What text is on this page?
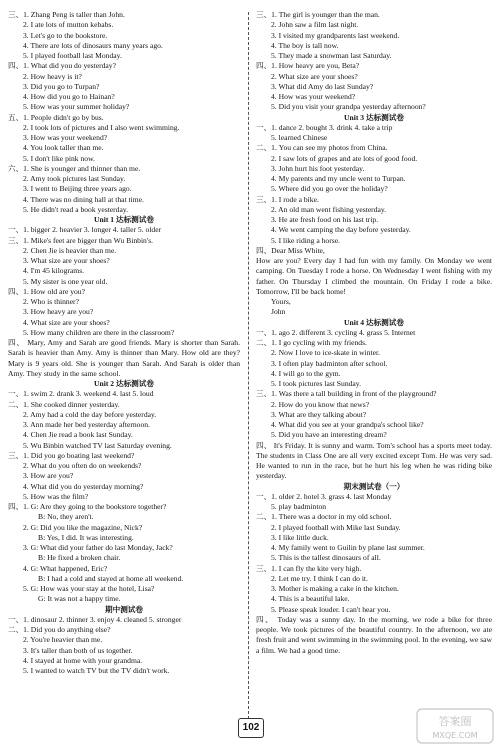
三、1. Zhang Peng is taller than John.
2. I ate lots of mutton kebabs.
3. Let's go to the bookstore.
4. There are lots of dinosaurs many years ago.
5. I played football last Monday.
四、1. What did you do yesterday?
2. How heavy is it?
3. Did you go to Turpan?
4. How did you go to Hainan?
5. How was your summer holiday?
五、1. People didn't go by bus.
2. I took lots of pictures and I also went swimming.
3. How was your weekend?
4. You look taller than me.
5. I don't like pink now.
六、1. She is younger and thinner than me.
2. Amy took pictures last Sunday.
3. I went to Beijing three years ago.
4. There was no dining hall at that time.
5. He didn't read a book yesterday.
Unit 1 达标测试卷
一、1. bigger 2. heavier 3. longer 4. taller 5. older
三、1. Mike's feet are bigger than Wu Binbin's.
2. Chen Jie is heavier than me.
3. What size are your shoes?
4. I'm 45 kilograms.
5. My sister is one year old.
四、1. How old are you?
2. Who is thinner?
3. How heavy are you?
4. What size are your shoes?
5. How many children are there in the classroom?
四、 Mary, Amy and Sarah are good friends. Mary is shorter than Sarah. Sarah is heavier than Amy. Amy is thinner than Mary. How old are they? Mary is 9 years old. She is younger than Sarah. And Sarah is older than Amy. They study in the same school.
Unit 2 达标测试卷
一、1. swim 2. drank 3. weekend 4. last 5. loud
二、1. She cooked dinner yesterday.
2. Amy had a cold the day before yesterday.
3. Ann made her bed yesterday afternoon.
4. Chen Jie read a book last Sunday.
5. Wu Binbin watched TV last Saturday evening.
三、1. Did you go boating last weekend?
2. What do you often do on weekends?
3. How are you?
4. What did you do yesterday morning?
5. How was the film?
四、1. G: Are they going to the bookstore together?
B: No, they aren't.
2. G: Did you like the magazine, Nick?
B: Yes, I did. It was interesting.
3. G: What did your father do last Monday, Jack?
B: He fixed a broken chair.
4. G: What happened, Eric?
B: I had a cold and stayed at home all weekend.
5. G: How was your stay at the hotel, Lisa?
G: It was not a happy time.
期中测试卷
一、1. dinosaur 2. thinner 3. enjoy 4. cleaned 5. stronger
二、1. Did you do anything else?
2. You're heavier than me.
3. It's taller than both of us together.
4. I stayed at home with your grandma.
5. I wanted to watch TV but the TV didn't work.
三、1. The girl is younger than the man.
2. John saw a film last night.
3. I visited my grandparents last weekend.
4. The boy is tall now.
5. They made a snowman last Saturday.
四、1. How heavy are you, Beta?
2. What size are your shoes?
3. What did Amy do last Sunday?
4. How was your weekend?
5. Did you visit your grandpa yesterday afternoon?
Unit 3 达标测试卷
一、1. dance 2. bought 3. drink 4. take a trip
5. learned Chinese
二、1. You can see my photos from China.
2. I saw lots of grapes and ate lots of good food.
3. John hurt his foot yesterday.
4. My parents and my uncle went to Turpan.
5. Where did you go over the holiday?
三、1. I rode a bike.
2. An old man went fishing yesterday.
3. He ate fresh food on his last trip.
4. We went camping the day before yesterday.
5. I like riding a horse.
四、Dear Miss White,
How are you? Every day I had fun with my family. On Monday we went camping. On Tuesday I rode a horse. On Wednesday I went fishing with my father. On Thursday I climbed the mountain. On Friday I rode a bike. Tomorrow, I'll be back home!
Yours,
John
Unit 4 达标测试卷
一、1. ago 2. different 3. cycling 4. grass 5. Internet
二、1. I go cycling with my friends.
2. Now I love to ice-skate in winter.
3. I often play badminton after school.
4. I will go to the gym.
5. I took pictures last Sunday.
三、1. Was there a tall building in front of the playground?
2. How do you know that news?
3. What are they talking about?
4. What did you see at your grandpa's school like?
5. Did you have an interesting dream?
四、 It's Friday. It is sunny and warm. Tom's school has a sports meet today. The students in Class One are all very excited except Tom. He was very sad. He wanted to run in the race, but he hurt his leg when he was riding bike yesterday.
期末测试卷（一）
一、1. older 2. hotel 3. grass 4. last Monday
5. play badminton
二、1. There was a doctor in my old school.
2. I played football with Mike last Sunday.
3. I like little duck.
4. My family went to Guilin by plane last summer.
5. This is the tallest dinosaurs of all.
三、1. I can fly the kite very high.
2. Let me try. I think I can do it.
3. Mother is making a cake in the kitchen.
4. This is a beautiful lake.
5. Please speak louder. I can't hear you.
四、 Today was a sunny day. In the morning, we rode a bike for three people. We took pictures of the beautiful country. In the afternoon, we ate fresh fruit and went swimming in the swimming pool. In the evening, we saw a film. We had a good time.
102	答案圈
MXQE.COM
